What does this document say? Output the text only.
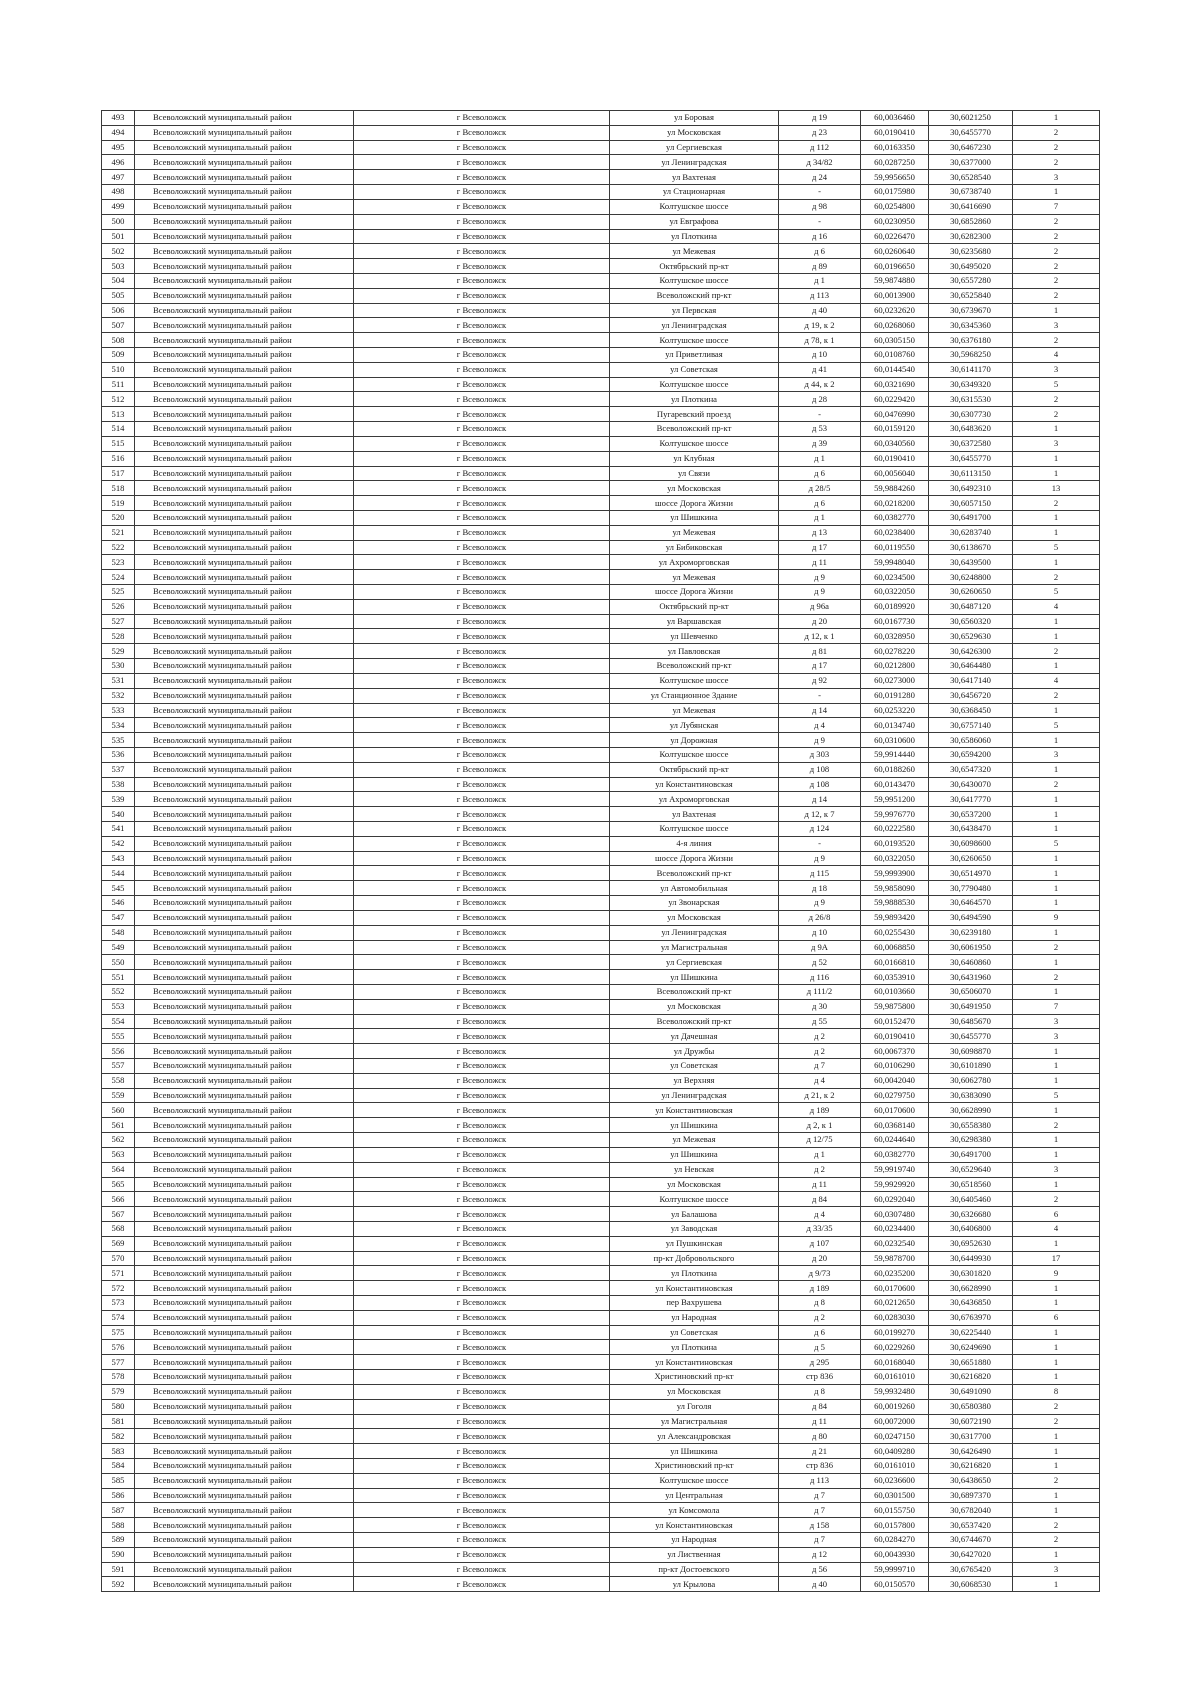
493	Всеволожский муниципальный район	г Всеволожск	ул Боровая	д 19	60,0036460	30,6021250	1
494	Всеволожский муниципальный район	г Всеволожск	ул Московская	д 23	60,0190410	30,6455770	2
495	Всеволожский муниципальный район	г Всеволожск	ул Сергиевская	д 112	60,0163350	30,6467230	2
496	Всеволожский муниципальный район	г Всеволожск	ул Ленинградская	д 34/82	60,0287250	30,6377000	2
497	Всеволожский муниципальный район	г Всеволожск	ул Вахтеная	д 24	59,9956650	30,6528540	3
498	Всеволожский муниципальный район	г Всеволожск	ул Стационарная	-	60,0175980	30,6738740	1
499	Всеволожский муниципальный район	г Всеволожск	Колтушское шоссе	д 98	60,0254800	30,6416690	7
500	Всеволожский муниципальный район	г Всеволожск	ул Евграфова	-	60,0230950	30,6852860	2
501	Всеволожский муниципальный район	г Всеволожск	ул Плоткина	д 16	60,0226470	30,6282300	2
502	Всеволожский муниципальный район	г Всеволожск	ул Межевая	д 6	60,0260640	30,6235680	2
503	Всеволожский муниципальный район	г Всеволожск	Октябрьский пр-кт	д 89	60,0196650	30,6495020	2
504	Всеволожский муниципальный район	г Всеволожск	Колтушское шоссе	д 1	59,9874880	30,6557280	2
505	Всеволожский муниципальный район	г Всеволожск	Всеволожский пр-кт	д 113	60,0013900	30,6525840	2
506	Всеволожский муниципальный район	г Всеволожск	ул Первская	д 40	60,0232620	30,6739670	1
507	Всеволожский муниципальный район	г Всеволожск	ул Ленинградская	д 19, к 2	60,0268060	30,6345360	3
508	Всеволожский муниципальный район	г Всеволожск	Колтушское шоссе	д 78, к 1	60,0305150	30,6376180	2
509	Всеволожский муниципальный район	г Всеволожск	ул Приветливая	д 10	60,0108760	30,5968250	4
510	Всеволожский муниципальный район	г Всеволожск	ул Советская	д 41	60,0144540	30,6141170	3
511	Всеволожский муниципальный район	г Всеволожск	Колтушское шоссе	д 44, к 2	60,0321690	30,6349320	5
512	Всеволожский муниципальный район	г Всеволожск	ул Плоткина	д 28	60,0229420	30,6315530	2
513	Всеволожский муниципальный район	г Всеволожск	Пугаревский проезд	-	60,0476990	30,6307730	2
514	Всеволожский муниципальный район	г Всеволожск	Всеволожский пр-кт	д 53	60,0159120	30,6483620	1
515	Всеволожский муниципальный район	г Всеволожск	Колтушское шоссе	д 39	60,0340560	30,6372580	3
516	Всеволожский муниципальный район	г Всеволожск	ул Клубная	д 1	60,0190410	30,6455770	1
517	Всеволожский муниципальный район	г Всеволожск	ул Связи	д 6	60,0056040	30,6113150	1
518	Всеволожский муниципальный район	г Всеволожск	ул Московская	д 28/5	59,9884260	30,6492310	13
519	Всеволожский муниципальный район	г Всеволожск	шоссе Дорога Жизни	д 6	60,0218200	30,6057150	2
520	Всеволожский муниципальный район	г Всеволожск	ул Шишкина	д 1	60,0382770	30,6491700	1
521	Всеволожский муниципальный район	г Всеволожск	ул Межевая	д 13	60,0238400	30,6283740	1
522	Всеволожский муниципальный район	г Всеволожск	ул Бибиковская	д 17	60,0119550	30,6138670	5
523	Всеволожский муниципальный район	г Всеволожск	ул Ахроморговская	д 11	59,9948040	30,6439500	1
524	Всеволожский муниципальный район	г Всеволожск	ул Межевая	д 9	60,0234500	30,6248800	2
525	Всеволожский муниципальный район	г Всеволожск	шоссе Дорога Жизни	д 9	60,0322050	30,6260650	5
526	Всеволожский муниципальный район	г Всеволожск	Октябрьский пр-кт	д 96а	60,0189920	30,6487120	4
527	Всеволожский муниципальный район	г Всеволожск	ул Варшавская	д 20	60,0167730	30,6560320	1
528	Всеволожский муниципальный район	г Всеволожск	ул Шевченко	д 12, к 1	60,0328950	30,6529630	1
529	Всеволожский муниципальный район	г Всеволожск	ул Павловская	д 81	60,0278220	30,6426300	2
530	Всеволожский муниципальный район	г Всеволожск	Всеволожский пр-кт	д 17	60,0212800	30,6464480	1
531	Всеволожский муниципальный район	г Всеволожск	Колтушское шоссе	д 92	60,0273000	30,6417140	4
532	Всеволожский муниципальный район	г Всеволожск	ул Станционное Здание	-	60,0191280	30,6456720	2
533	Всеволожский муниципальный район	г Всеволожск	ул Межевая	д 14	60,0253220	30,6368450	1
534	Всеволожский муниципальный район	г Всеволожск	ул Лубянская	д 4	60,0134740	30,6757140	5
535	Всеволожский муниципальный район	г Всеволожск	ул Дорожная	д 9	60,0310600	30,6586060	1
536	Всеволожский муниципальный район	г Всеволожск	Колтушское шоссе	д 303	59,9914440	30,6594200	3
537	Всеволожский муниципальный район	г Всеволожск	Октябрьский пр-кт	д 108	60,0188260	30,6547320	1
538	Всеволожский муниципальный район	г Всеволожск	ул Константиновская	д 108	60,0143470	30,6430070	2
539	Всеволожский муниципальный район	г Всеволожск	ул Ахроморговская	д 14	59,9951200	30,6417770	1
540	Всеволожский муниципальный район	г Всеволожск	ул Вахтеная	д 12, к 7	59,9976770	30,6537200	1
541	Всеволожский муниципальный район	г Всеволожск	Колтушское шоссе	д 124	60,0222580	30,6438470	1
542	Всеволожский муниципальный район	г Всеволожск	4-я линия	-	60,0193520	30,6098600	5
543	Всеволожский муниципальный район	г Всеволожск	шоссе Дорога Жизни	д 9	60,0322050	30,6260650	1
544	Всеволожский муниципальный район	г Всеволожск	Всеволожский пр-кт	д 115	59,9993900	30,6514970	1
545	Всеволожский муниципальный район	г Всеволожск	ул Автомобильная	д 18	59,9858090	30,7790480	1
546	Всеволожский муниципальный район	г Всеволожск	ул Звонарская	д 9	59,9888530	30,6464570	1
547	Всеволожский муниципальный район	г Всеволожск	ул Московская	д 26/8	59,9893420	30,6494590	9
548	Всеволожский муниципальный район	г Всеволожск	ул Ленинградская	д 10	60,0255430	30,6239180	1
549	Всеволожский муниципальный район	г Всеволожск	ул Магистральная	д 9А	60,0068850	30,6061950	2
550	Всеволожский муниципальный район	г Всеволожск	ул Сергиевская	д 52	60,0166810	30,6460860	1
551	Всеволожский муниципальный район	г Всеволожск	ул Шишкина	д 116	60,0353910	30,6431960	2
552	Всеволожский муниципальный район	г Всеволожск	Всеволожский пр-кт	д 111/2	60,0103660	30,6506070	1
553	Всеволожский муниципальный район	г Всеволожск	ул Московская	д 30	59,9875800	30,6491950	7
554	Всеволожский муниципальный район	г Всеволожск	Всеволожский пр-кт	д 55	60,0152470	30,6485670	3
555	Всеволожский муниципальный район	г Всеволожск	ул Дачешная	д 2	60,0190410	30,6455770	3
556	Всеволожский муниципальный район	г Всеволожск	ул Дружбы	д 2	60,0067370	30,6098870	1
557	Всеволожский муниципальный район	г Всеволожск	ул Советская	д 7	60,0106290	30,6101890	1
558	Всеволожский муниципальный район	г Всеволожск	ул Верхняя	д 4	60,0042040	30,6062780	1
559	Всеволожский муниципальный район	г Всеволожск	ул Ленинградская	д 21, к 2	60,0279750	30,6383090	5
560	Всеволожский муниципальный район	г Всеволожск	ул Константиновская	д 189	60,0170600	30,6628990	1
561	Всеволожский муниципальный район	г Всеволожск	ул Шишкина	д 2, к 1	60,0368140	30,6558380	2
562	Всеволожский муниципальный район	г Всеволожск	ул Межевая	д 12/75	60,0244640	30,6298380	1
563	Всеволожский муниципальный район	г Всеволожск	ул Шишкина	д 1	60,0382770	30,6491700	1
564	Всеволожский муниципальный район	г Всеволожск	ул Невская	д 2	59,9919740	30,6529640	3
565	Всеволожский муниципальный район	г Всеволожск	ул Московская	д 11	59,9929920	30,6518560	1
566	Всеволожский муниципальный район	г Всеволожск	Колтушское шоссе	д 84	60,0292040	30,6405460	2
567	Всеволожский муниципальный район	г Всеволожск	ул Балашова	д 4	60,0307480	30,6326680	6
568	Всеволожский муниципальный район	г Всеволожск	ул Заводская	д 33/35	60,0234400	30,6406800	4
569	Всеволожский муниципальный район	г Всеволожск	ул Пушкинская	д 107	60,0232540	30,6952630	1
570	Всеволожский муниципальный район	г Всеволожск	пр-кт Добровольского	д 20	59,9878700	30,6449930	17
571	Всеволожский муниципальный район	г Всеволожск	ул Плоткина	д 9/73	60,0235200	30,6301820	9
572	Всеволожский муниципальный район	г Всеволожск	ул Константиновская	д 189	60,0170600	30,6628990	1
573	Всеволожский муниципальный район	г Всеволожск	пер Вахрушева	д 8	60,0212650	30,6436850	1
574	Всеволожский муниципальный район	г Всеволожск	ул Народная	д 2	60,0283030	30,6763970	6
575	Всеволожский муниципальный район	г Всеволожск	ул Советская	д 6	60,0199270	30,6225440	1
576	Всеволожский муниципальный район	г Всеволожск	ул Плоткина	д 5	60,0229260	30,6249690	1
577	Всеволожский муниципальный район	г Всеволожск	ул Константиновская	д 295	60,0168040	30,6651880	1
578	Всеволожский муниципальный район	г Всеволожск	Христиновский пр-кт	стр 836	60,0161010	30,6216820	1
579	Всеволожский муниципальный район	г Всеволожск	ул Московская	д 8	59,9932480	30,6491090	8
580	Всеволожский муниципальный район	г Всеволожск	ул Гоголя	д 84	60,0019260	30,6580380	2
581	Всеволожский муниципальный район	г Всеволожск	ул Магистральная	д 11	60,0072000	30,6072190	2
582	Всеволожский муниципальный район	г Всеволожск	ул Александровская	д 80	60,0247150	30,6317700	1
583	Всеволожский муниципальный район	г Всеволожск	ул Шишкина	д 21	60,0409280	30,6426490	1
584	Всеволожский муниципальный район	г Всеволожск	Христиновский пр-кт	стр 836	60,0161010	30,6216820	1
585	Всеволожский муниципальный район	г Всеволожск	Колтушское шоссе	д 113	60,0236600	30,6438650	2
586	Всеволожский муниципальный район	г Всеволожск	ул Центральная	д 7	60,0301500	30,6897370	1
587	Всеволожский муниципальный район	г Всеволожск	ул Комсомола	д 7	60,0155750	30,6782040	1
588	Всеволожский муниципальный район	г Всеволожск	ул Константиновская	д 158	60,0157800	30,6537420	2
589	Всеволожский муниципальный район	г Всеволожск	ул Народная	д 7	60,0284270	30,6744670	2
590	Всеволожский муниципальный район	г Всеволожск	ул Лиственная	д 12	60,0043930	30,6427020	1
591	Всеволожский муниципальный район	г Всеволожск	пр-кт Достоевского	д 56	59,9999710	30,6765420	3
592	Всеволожский муниципальный район	г Всеволожск	ул Крылова	д 40	60,0150570	30,6068530	1
